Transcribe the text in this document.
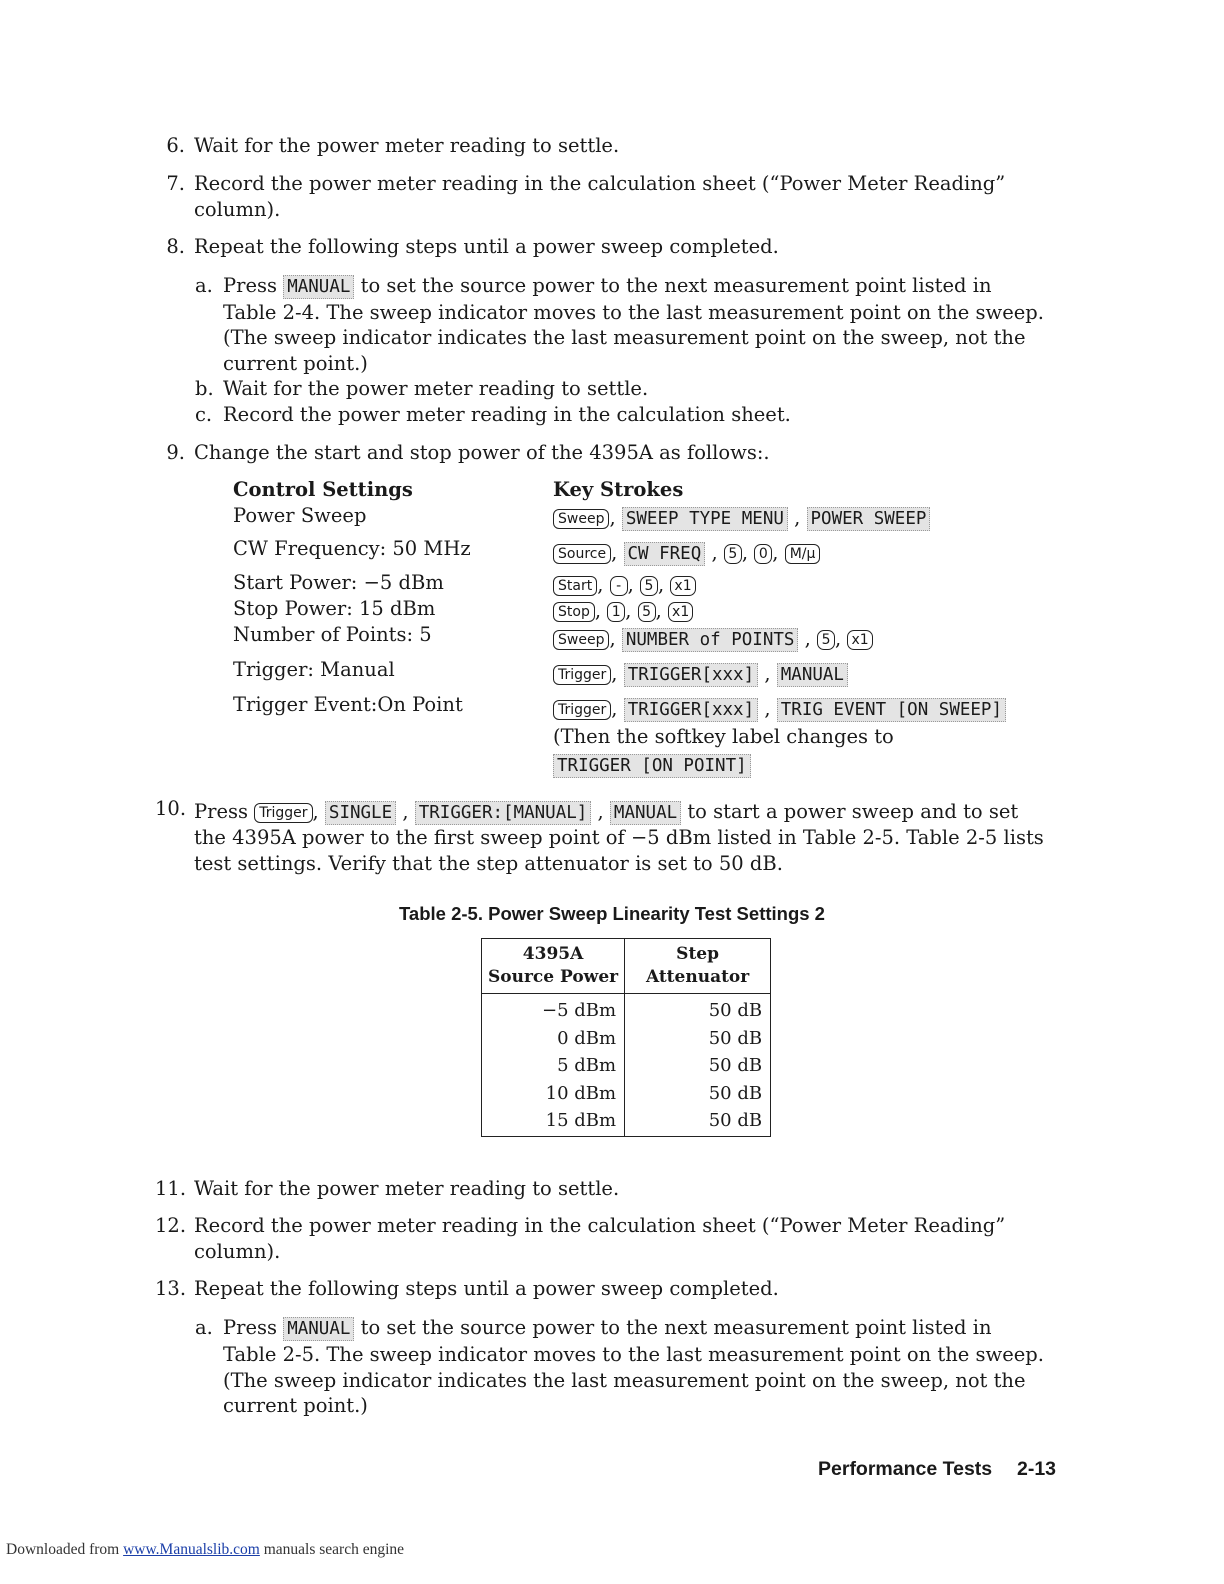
6. Wait for the power meter reading to settle.
7. Record the power meter reading in the calculation sheet (“Power Meter Reading”
column).
8. Repeat the following steps until a power sweep completed.
a. Press MANUAL to set the source power to the next measurement point listed in
Table 2-4. The sweep indicator moves to the last measurement point on the sweep.
(The sweep indicator indicates the last measurement point on the sweep, not the
current point.)
b. Wait for the power meter reading to settle.
c. Record the power meter reading in the calculation sheet.
9. Change the start and stop power of the 4395A as follows:.
Control Settings	Key Strokes
Power Sweep	Sweep , SWEEP TYPE MENU , POWER SWEEP
CW Frequency: 50 MHz	Source , CW FREQ , 5 , 0 , M/μ
Start Power: −5 dBm	Start , - , 5 , x1
Stop Power: 15 dBm	Stop , 1 , 5 , x1
Number of Points: 5	Sweep , NUMBER of POINTS , 5 , x1
Trigger: Manual	Trigger , TRIGGER[xxx] , MANUAL
Trigger Event:On Point	Trigger , TRIGGER[xxx] , TRIG EVENT [ON SWEEP]
(Then the softkey label changes to
TRIGGER [ON POINT]
10. Press Trigger , SINGLE , TRIGGER:[MANUAL] , MANUAL to start a power sweep and to set
the 4395A power to the first sweep point of −5 dBm listed in Table 2-5. Table 2-5 lists
test settings. Verify that the step attenuator is set to 50 dB.
Table 2-5. Power Sweep Linearity Test Settings 2
4395A
Source Power	Step Attenuator
−5 dBm	50 dB
0 dBm	50 dB
5 dBm	50 dB
10 dBm	50 dB
15 dBm	50 dB
11. Wait for the power meter reading to settle.
12. Record the power meter reading in the calculation sheet (“Power Meter Reading”
column).
13. Repeat the following steps until a power sweep completed.
a. Press MANUAL to set the source power to the next measurement point listed in
Table 2-5. The sweep indicator moves to the last measurement point on the sweep.
(The sweep indicator indicates the last measurement point on the sweep, not the
current point.)
Performance Tests 2-13
Downloaded from www.Manualslib.com manuals search engine
